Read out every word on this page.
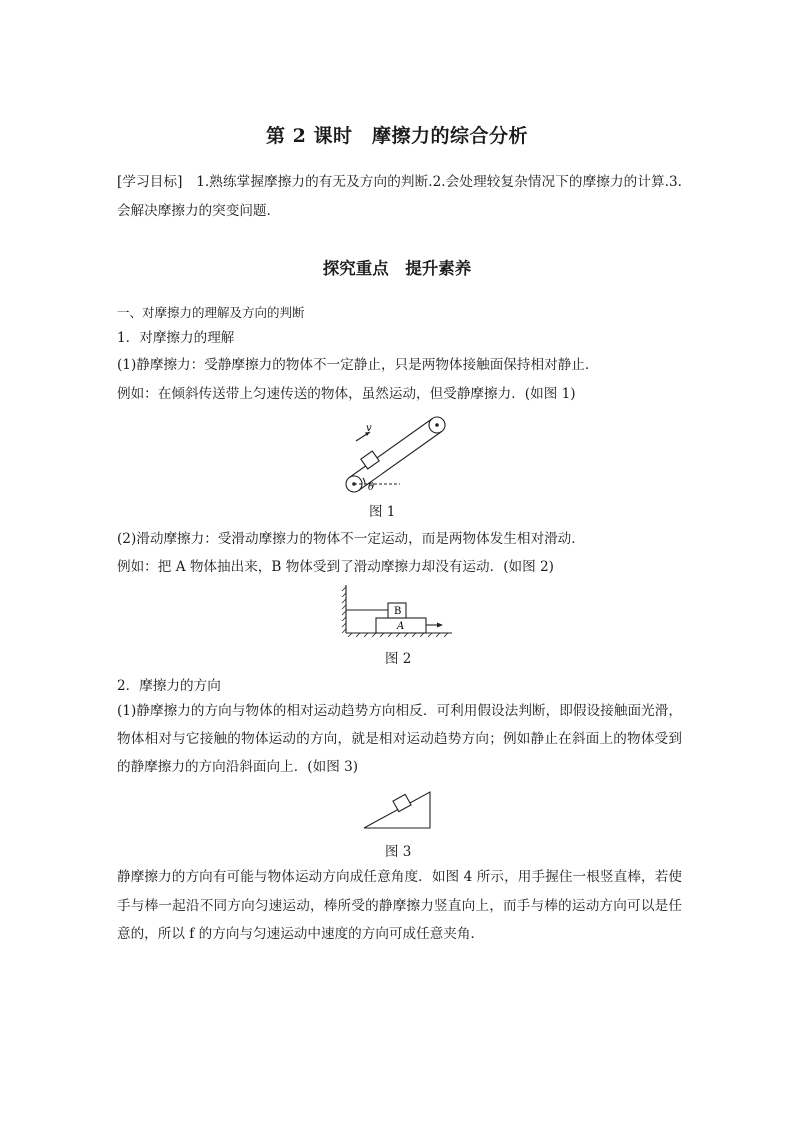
第 2 课时　摩擦力的综合分析
[学习目标]　1.熟练掌握摩擦力的有无及方向的判断.2.会处理较复杂情况下的摩擦力的计算.3.会解决摩擦力的突变问题.
探究重点　提升素养
一、对摩擦力的理解及方向的判断
1．对摩擦力的理解
(1)静摩擦力：受静摩擦力的物体不一定静止，只是两物体接触面保持相对静止．
例如：在倾斜传送带上匀速传送的物体，虽然运动，但受静摩擦力．(如图 1)
v
θ
图 1
(2)滑动摩擦力：受滑动摩擦力的物体不一定运动，而是两物体发生相对滑动．
例如：把 A 物体抽出来，B 物体受到了滑动摩擦力却没有运动．(如图 2)
B
A
图 2
2．摩擦力的方向
(1)静摩擦力的方向与物体的相对运动趋势方向相反．可利用假设法判断，即假设接触面光滑，物体相对与它接触的物体运动的方向，就是相对运动趋势方向；例如静止在斜面上的物体受到的静摩擦力的方向沿斜面向上．(如图 3)
图 3
静摩擦力的方向有可能与物体运动方向成任意角度．如图 4 所示，用手握住一根竖直棒，若使手与棒一起沿不同方向匀速运动，棒所受的静摩擦力竖直向上，而手与棒的运动方向可以是任意的，所以 f 的方向与匀速运动中速度的方向可成任意夹角．
